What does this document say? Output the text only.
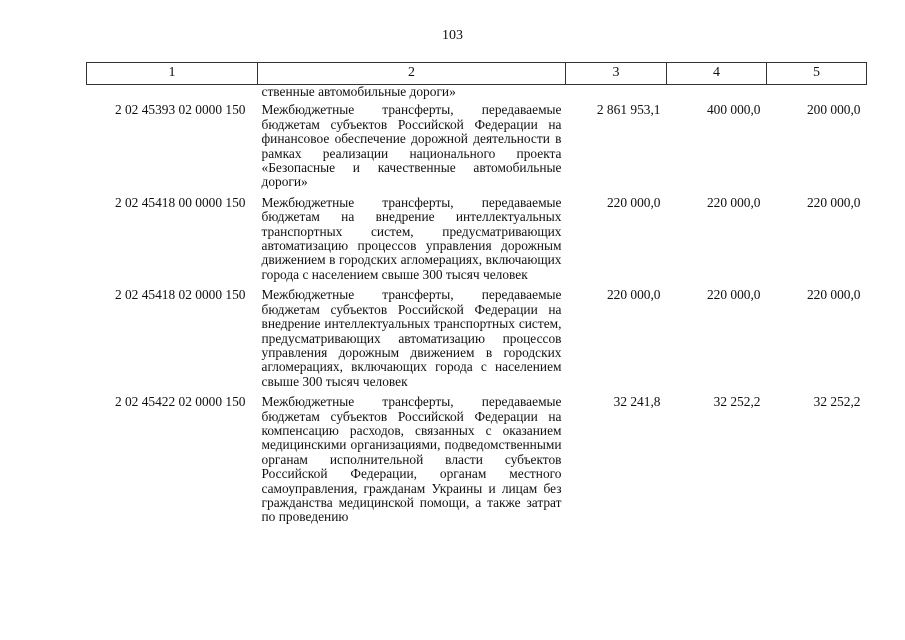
103
1	2	3	4	5
	ственные автомобильные дороги»			
2 02 45393 02 0000 150	Межбюджетные трансферты, передаваемые бюджетам субъектов Российской Федерации на финансовое обеспечение дорожной деятельности в рамках реализации национального проекта «Безопасные и качественные автомобильные дороги»	2 861 953,1	400 000,0	200 000,0
2 02 45418 00 0000 150	Межбюджетные трансферты, передаваемые бюджетам на внедрение интеллектуальных транспортных систем, предусматривающих автоматизацию процессов управления дорожным движением в городских агломерациях, включающих города с населением свыше 300 тысяч человек	220 000,0	220 000,0	220 000,0
2 02 45418 02 0000 150	Межбюджетные трансферты, передаваемые бюджетам субъектов Российской Федерации на внедрение интеллектуальных транспортных систем, предусматривающих автоматизацию процессов управления дорожным движением в городских агломерациях, включающих города с населением свыше 300 тысяч человек	220 000,0	220 000,0	220 000,0
2 02 45422 02 0000 150	Межбюджетные трансферты, передаваемые бюджетам субъектов Российской Федерации на компенсацию расходов, связанных с оказанием медицинскими организациями, подведомственными органам исполнительной власти субъектов Российской Федерации, органам местного самоуправления, гражданам Украины и лицам без гражданства медицинской помощи, а также затрат по проведению	32 241,8	32 252,2	32 252,2
